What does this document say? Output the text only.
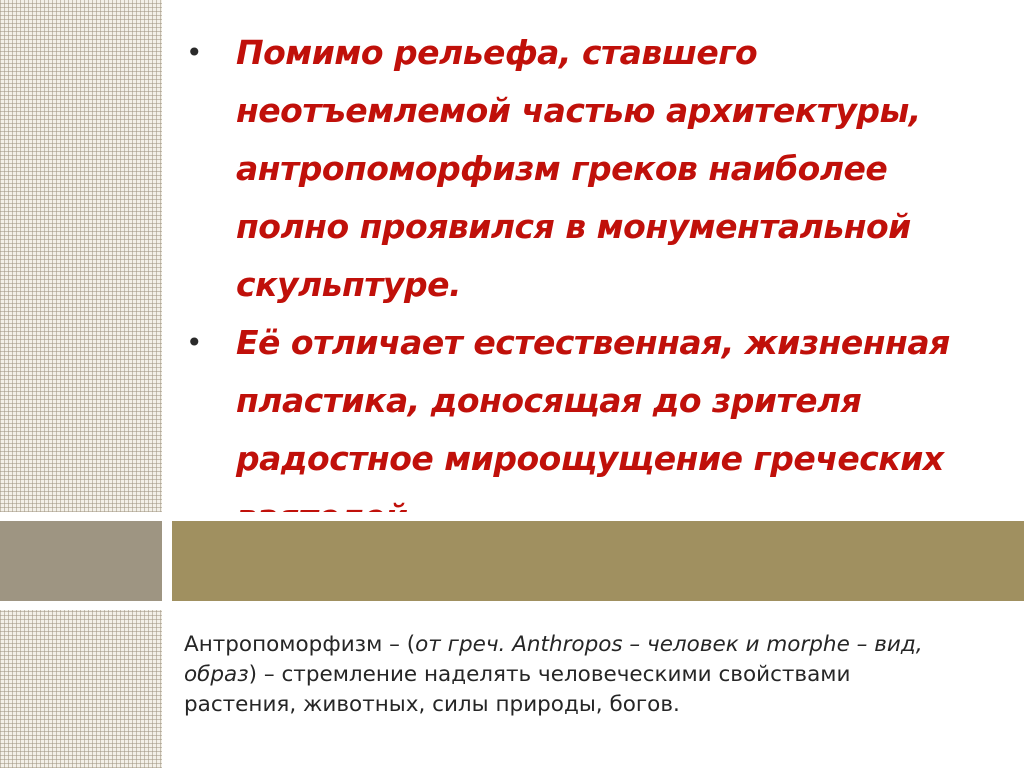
• Помимо рельефа, ставшего неотъемлемой частью архитектуры, антропоморфизм греков наиболее полно проявился в монументальной скульптуре.
• Её отличает естественная, жизненная пластика, доносящая до зрителя радостное мироощущение греческих
Антропоморфизм – (от греч. Anthropos – человек и morphe – вид, образ) – стремление наделять человеческими свойствами растения, животных, силы природы, богов.
